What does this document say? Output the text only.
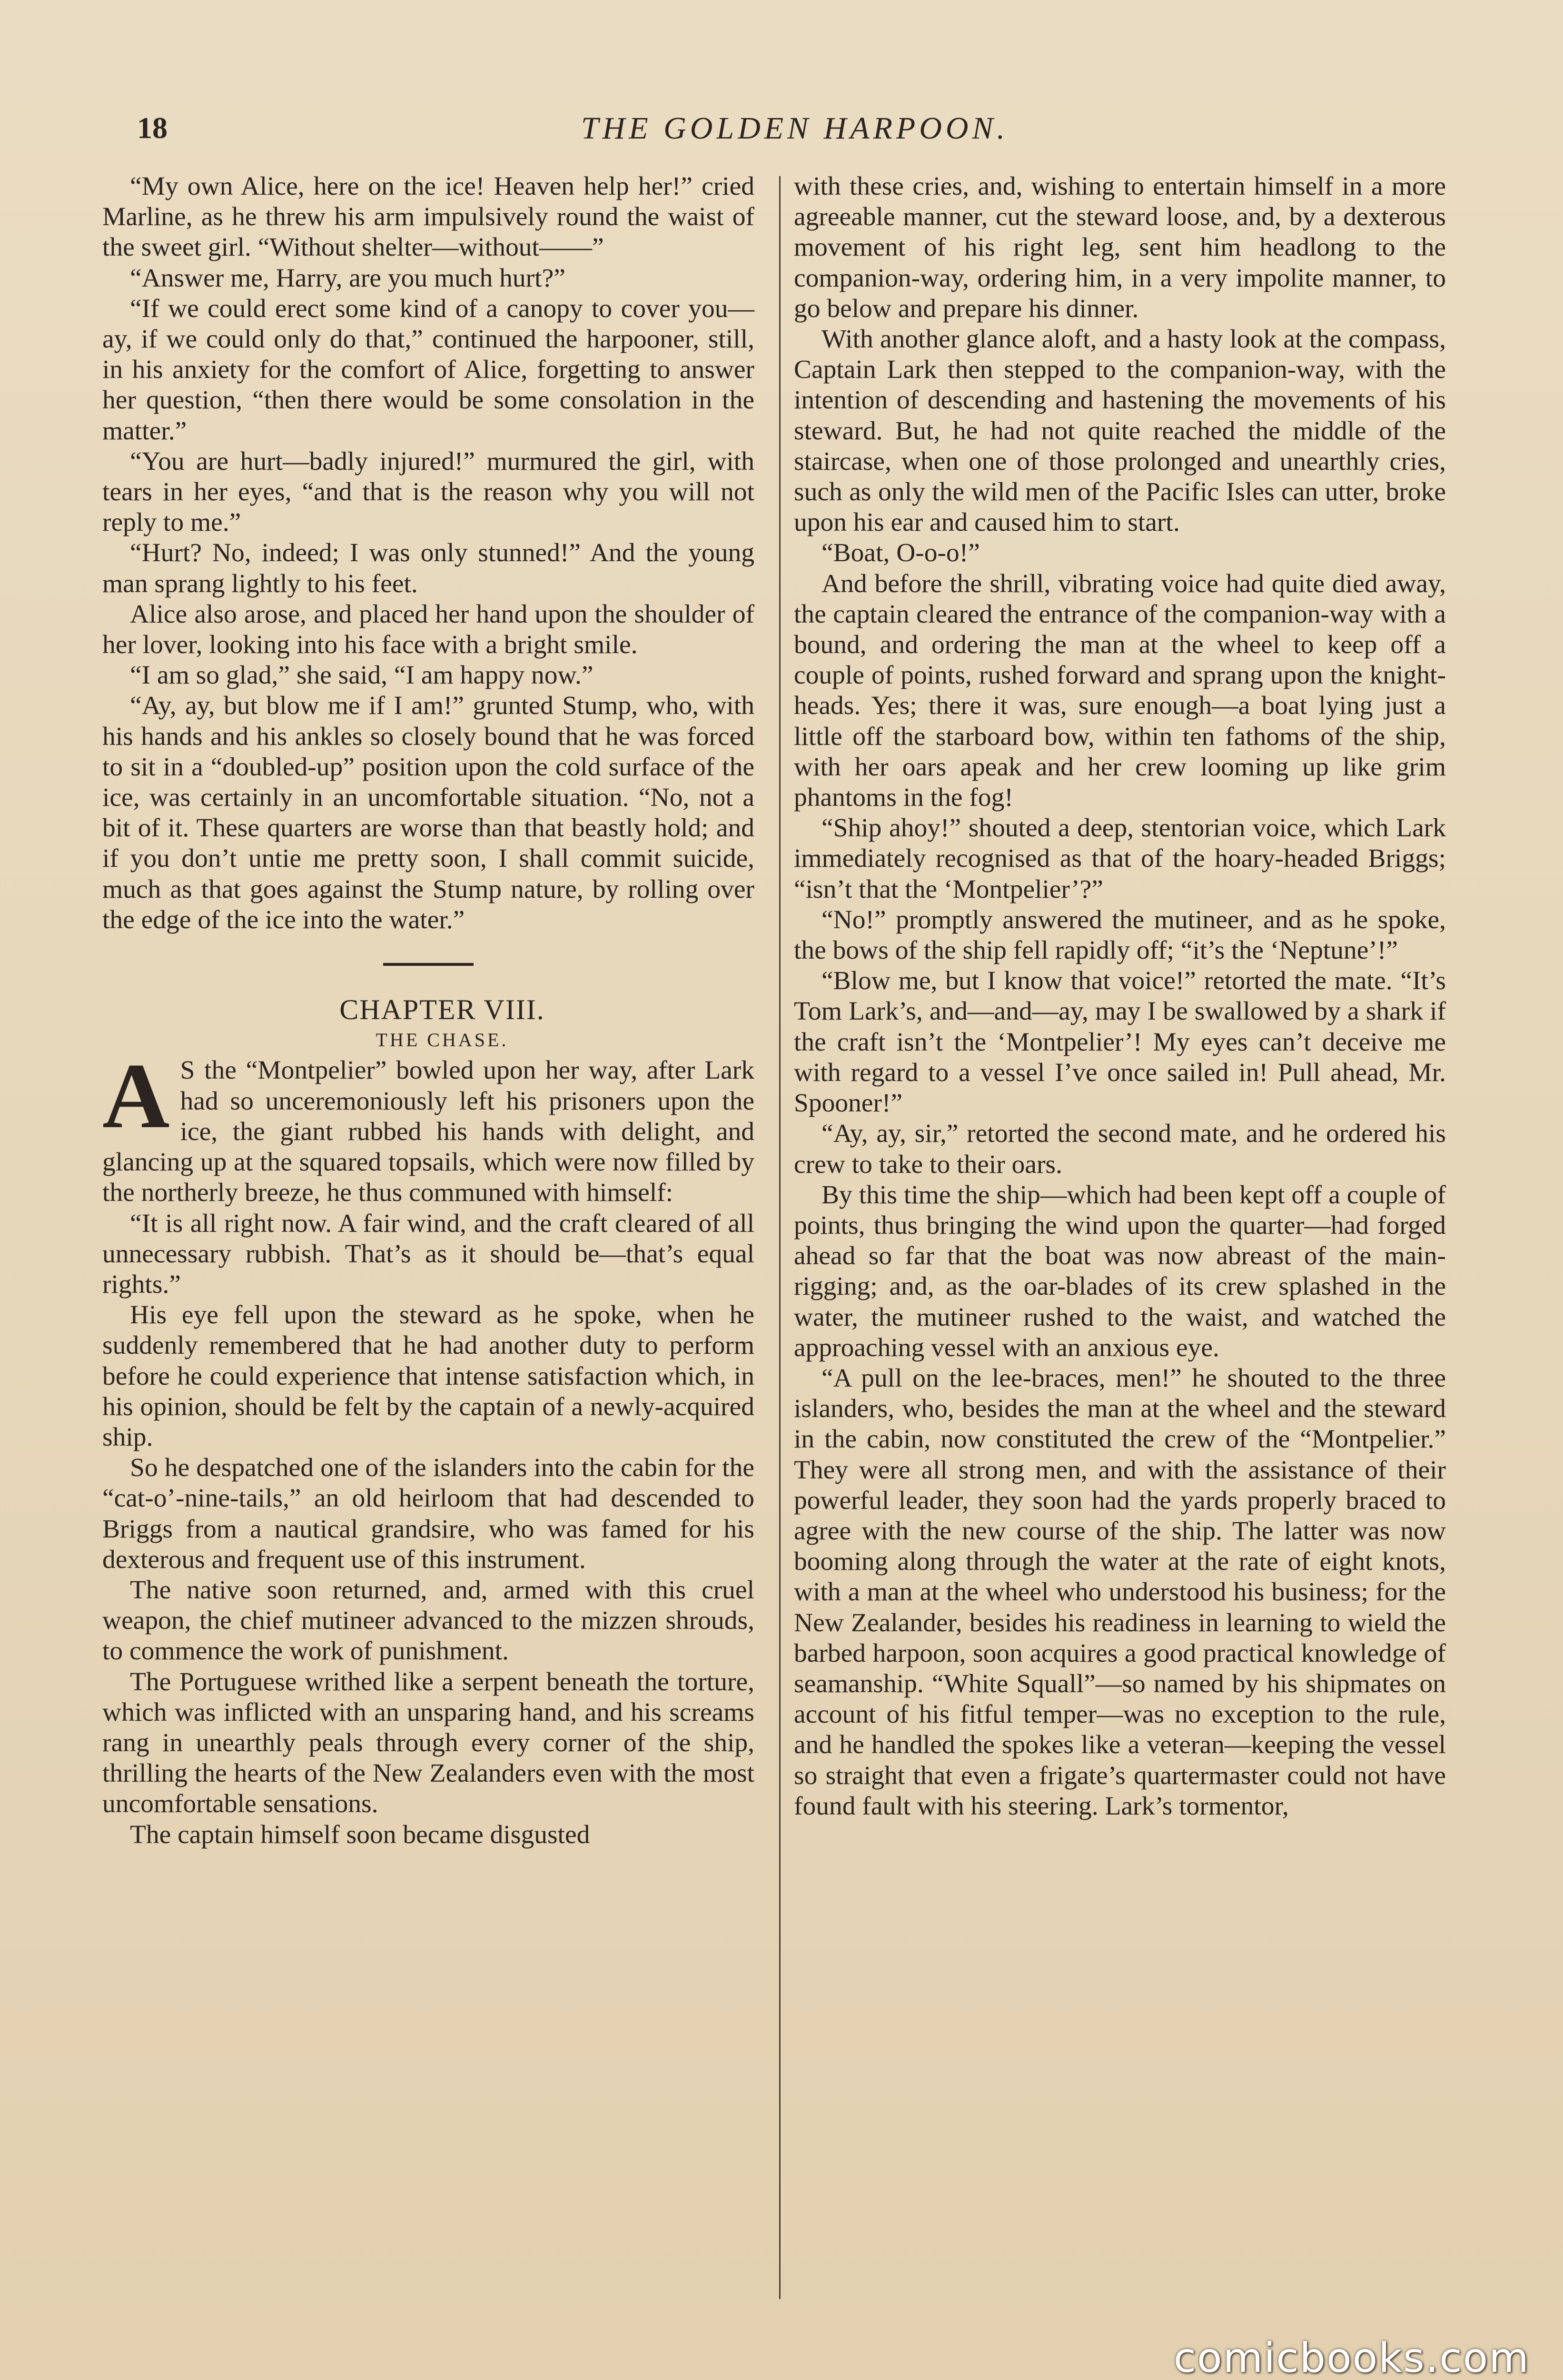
18	THE GOLDEN HARPOON.

“My own Alice, here on the ice! Heaven help her!” cried Marline, as he threw his arm impulsively round the waist of the sweet girl. “Without shelter—without——”

“Answer me, Harry, are you much hurt?”

“If we could erect some kind of a canopy to cover you—ay, if we could only do that,” continued the harpooner, still, in his anxiety for the comfort of Alice, forgetting to answer her question, “then there would be some consolation in the matter.”

“You are hurt—badly injured!” murmured the girl, with tears in her eyes, “and that is the reason why you will not reply to me.”

“Hurt? No, indeed; I was only stunned!” And the young man sprang lightly to his feet.

Alice also arose, and placed her hand upon the shoulder of her lover, looking into his face with a bright smile.

“I am so glad,” she said, “I am happy now.”

“Ay, ay, but blow me if I am!” grunted Stump, who, with his hands and his ankles so closely bound that he was forced to sit in a “doubled-up” position upon the cold surface of the ice, was certainly in an uncomfortable situation. “No, not a bit of it. These quarters are worse than that beastly hold; and if you don’t untie me pretty soon, I shall commit suicide, much as that goes against the Stump nature, by rolling over the edge of the ice into the water.”

CHAPTER VIII.

THE CHASE.

A S the “Montpelier” bowled upon her way, after Lark had so unceremoniously left his prisoners upon the ice, the giant rubbed his hands with delight, and glancing up at the squared topsails, which were now filled by the northerly breeze, he thus communed with himself:

“It is all right now. A fair wind, and the craft cleared of all unnecessary rubbish. That’s as it should be—that’s equal rights.”

His eye fell upon the steward as he spoke, when he suddenly remembered that he had another duty to perform before he could experience that intense satisfaction which, in his opinion, should be felt by the captain of a newly-acquired ship.

So he despatched one of the islanders into the cabin for the “cat-o’-nine-tails,” an old heirloom that had descended to Briggs from a nautical grandsire, who was famed for his dexterous and frequent use of this instrument.

The native soon returned, and, armed with this cruel weapon, the chief mutineer advanced to the mizzen shrouds, to commence the work of punishment.

The Portuguese writhed like a serpent beneath the torture, which was inflicted with an unsparing hand, and his screams rang in unearthly peals through every corner of the ship, thrilling the hearts of the New Zealanders even with the most uncomfortable sensations.

The captain himself soon became disgusted

with these cries, and, wishing to entertain himself in a more agreeable manner, cut the steward loose, and, by a dexterous movement of his right leg, sent him headlong to the companion-way, ordering him, in a very impolite manner, to go below and prepare his dinner.

With another glance aloft, and a hasty look at the compass, Captain Lark then stepped to the companion-way, with the intention of descending and hastening the movements of his steward. But, he had not quite reached the middle of the staircase, when one of those prolonged and unearthly cries, such as only the wild men of the Pacific Isles can utter, broke upon his ear and caused him to start.

“Boat, O-o-o!”

And before the shrill, vibrating voice had quite died away, the captain cleared the entrance of the companion-way with a bound, and ordering the man at the wheel to keep off a couple of points, rushed forward and sprang upon the knight-heads. Yes; there it was, sure enough—a boat lying just a little off the starboard bow, within ten fathoms of the ship, with her oars apeak and her crew looming up like grim phantoms in the fog!

“Ship ahoy!” shouted a deep, stentorian voice, which Lark immediately recognised as that of the hoary-headed Briggs; “isn’t that the ‘Montpelier’?”

“No!” promptly answered the mutineer, and as he spoke, the bows of the ship fell rapidly off; “it’s the ‘Neptune’!”

“Blow me, but I know that voice!” retorted the mate. “It’s Tom Lark’s, and—and—ay, may I be swallowed by a shark if the craft isn’t the ‘Montpelier’! My eyes can’t deceive me with regard to a vessel I’ve once sailed in! Pull ahead, Mr. Spooner!”

“Ay, ay, sir,” retorted the second mate, and he ordered his crew to take to their oars.

By this time the ship—which had been kept off a couple of points, thus bringing the wind upon the quarter—had forged ahead so far that the boat was now abreast of the main-rigging; and, as the oar-blades of its crew splashed in the water, the mutineer rushed to the waist, and watched the approaching vessel with an anxious eye.

“A pull on the lee-braces, men!” he shouted to the three islanders, who, besides the man at the wheel and the steward in the cabin, now constituted the crew of the “Montpelier.” They were all strong men, and with the assistance of their powerful leader, they soon had the yards properly braced to agree with the new course of the ship. The latter was now booming along through the water at the rate of eight knots, with a man at the wheel who understood his business; for the New Zealander, besides his readiness in learning to wield the barbed harpoon, soon acquires a good practical knowledge of seamanship. “White Squall”—so named by his shipmates on account of his fitful temper—was no exception to the rule, and he handled the spokes like a veteran—keeping the vessel so straight that even a frigate’s quartermaster could not have found fault with his steering. Lark’s tormentor,

comicbooks.com
